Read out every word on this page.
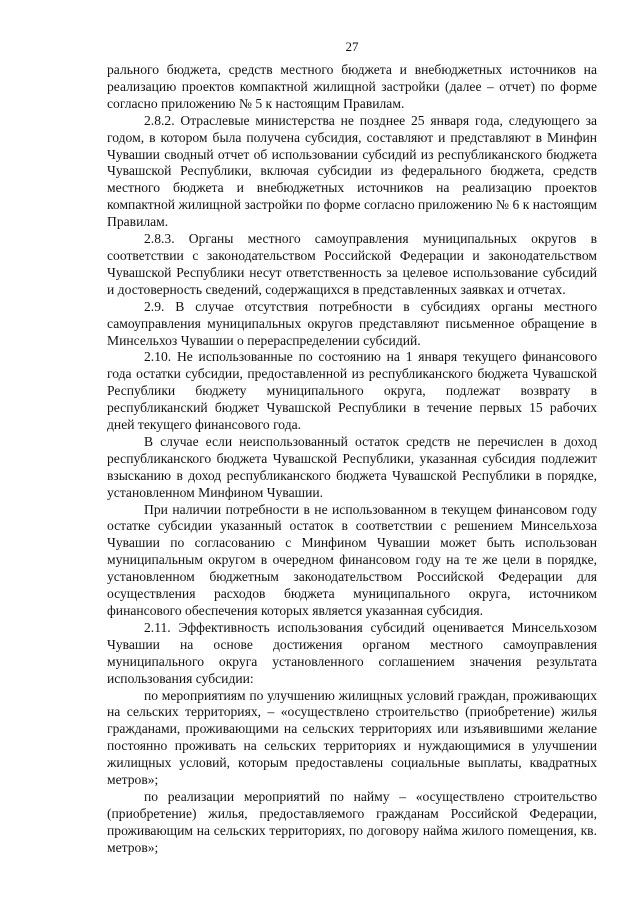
27

рального бюджета, средств местного бюджета и внебюджетных источников на реализацию проектов компактной жилищной застройки (далее – отчет) по форме согласно приложению № 5 к настоящим Правилам.

2.8.2. Отраслевые министерства не позднее 25 января года, следующего за годом, в котором была получена субсидия, составляют и представляют в Минфин Чувашии сводный отчет об использовании субсидий из республиканского бюджета Чувашской Республики, включая субсидии из федерального бюджета, средств местного бюджета и внебюджетных источников на реализацию проектов компактной жилищной застройки по форме согласно приложению № 6 к настоящим Правилам.

2.8.3. Органы местного самоуправления муниципальных округов в соответствии с законодательством Российской Федерации и законодательством Чувашской Республики несут ответственность за целевое использование субсидий и достоверность сведений, содержащихся в представленных заявках и отчетах.

2.9. В случае отсутствия потребности в субсидиях органы местного самоуправления муниципальных округов представляют письменное обращение в Минсельхоз Чувашии о перераспределении субсидий.

2.10. Не использованные по состоянию на 1 января текущего финансового года остатки субсидии, предоставленной из республиканского бюджета Чувашской Республики бюджету муниципального округа, подлежат возврату в республиканский бюджет Чувашской Республики в течение первых 15 рабочих дней текущего финансового года.

В случае если неиспользованный остаток средств не перечислен в доход республиканского бюджета Чувашской Республики, указанная субсидия подлежит взысканию в доход республиканского бюджета Чувашской Республики в порядке, установленном Минфином Чувашии.

При наличии потребности в не использованном в текущем финансовом году остатке субсидии указанный остаток в соответствии с решением Минсельхоза Чувашии по согласованию с Минфином Чувашии может быть использован муниципальным округом в очередном финансовом году на те же цели в порядке, установленном бюджетным законодательством Российской Федерации для осуществления расходов бюджета муниципального округа, источником финансового обеспечения которых является указанная субсидия.

2.11. Эффективность использования субсидий оценивается Минсельхозом Чувашии на основе достижения органом местного самоуправления муниципального округа установленного соглашением значения результата использования субсидии:

по мероприятиям по улучшению жилищных условий граждан, проживающих на сельских территориях, – «осуществлено строительство (приобретение) жилья гражданами, проживающими на сельских территориях или изъявившими желание постоянно проживать на сельских территориях и нуждающимися в улучшении жилищных условий, которым предоставлены социальные выплаты, квадратных метров»;

по реализации мероприятий по найму – «осуществлено строительство (приобретение) жилья, предоставляемого гражданам Российской Федерации, проживающим на сельских территориях, по договору найма жилого помещения, кв. метров»;
